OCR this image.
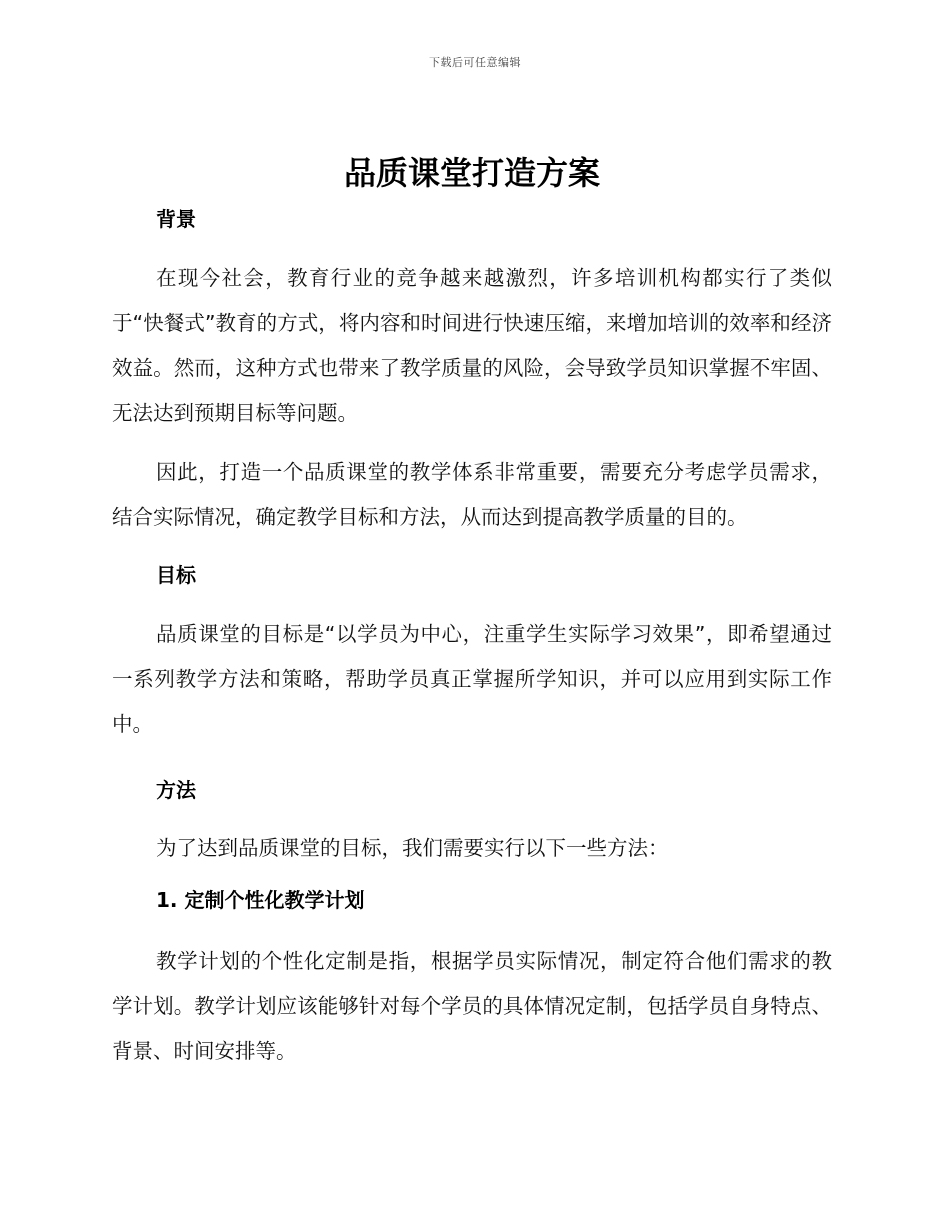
下载后可任意编辑
品质课堂打造方案
背景

在现今社会，教育行业的竞争越来越激烈，许多培训机构都实行了类似于“快餐式”教育的方式，将内容和时间进行快速压缩，来增加培训的效率和经济效益。然而，这种方式也带来了教学质量的风险，会导致学员知识掌握不牢固、无法达到预期目标等问题。

因此，打造一个品质课堂的教学体系非常重要，需要充分考虑学员需求，结合实际情况，确定教学目标和方法，从而达到提高教学质量的目的。

目标

品质课堂的目标是“以学员为中心，注重学生实际学习效果”，即希望通过一系列教学方法和策略，帮助学员真正掌握所学知识，并可以应用到实际工作中。

方法

为了达到品质课堂的目标，我们需要实行以下一些方法：

1. 定制个性化教学计划

教学计划的个性化定制是指，根据学员实际情况，制定符合他们需求的教学计划。教学计划应该能够针对每个学员的具体情况定制，包括学员自身特点、背景、时间安排等。
